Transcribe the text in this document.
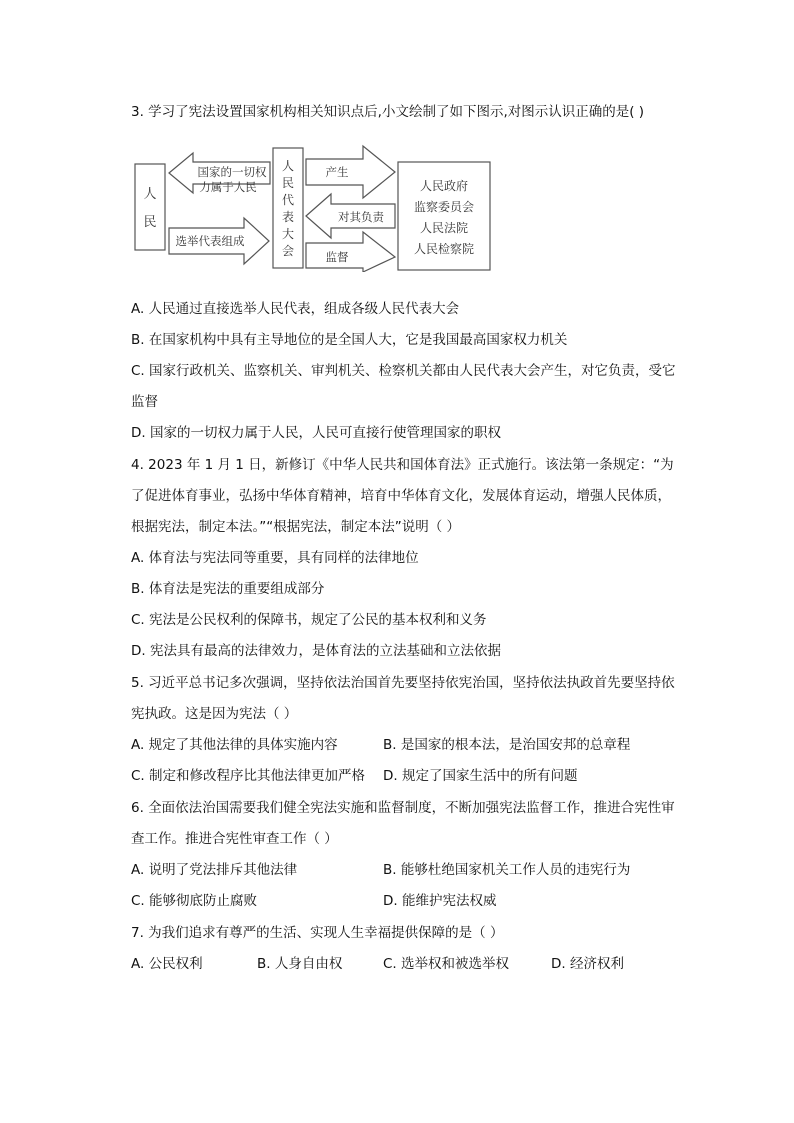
3. 学习了宪法设置国家机构相关知识点后,小文绘制了如下图示,对图示认识正确的是( )
人
民
国家的一切权
力属于人民
选举代表组成
人
民
代
表
大
会
产生
对其负责
监督
人民政府
监察委员会
人民法院
人民检察院
A. 人民通过直接选举人民代表，组成各级人民代表大会
B. 在国家机构中具有主导地位的是全国人大，它是我国最高国家权力机关
C. 国家行政机关、监察机关、审判机关、检察机关都由人民代表大会产生，对它负责，受它
监督
D. 国家的一切权力属于人民，人民可直接行使管理国家的职权
4. 2023 年 1 月 1 日，新修订《中华人民共和国体育法》正式施行。该法第一条规定：“为
了促进体育事业，弘扬中华体育精神，培育中华体育文化，发展体育运动，增强人民体质，
根据宪法，制定本法。”“根据宪法，制定本法”说明（ ）
A. 体育法与宪法同等重要，具有同样的法律地位
B. 体育法是宪法的重要组成部分
C. 宪法是公民权利的保障书，规定了公民的基本权利和义务
D. 宪法具有最高的法律效力，是体育法的立法基础和立法依据
5. 习近平总书记多次强调，坚持依法治国首先要坚持依宪治国，坚持依法执政首先要坚持依
宪执政。这是因为宪法（ ）
A. 规定了其他法律的具体实施内容	B. 是国家的根本法，是治国安邦的总章程
C. 制定和修改程序比其他法律更加严格 D. 规定了国家生活中的所有问题
6. 全面依法治国需要我们健全宪法实施和监督制度，不断加强宪法监督工作，推进合宪性审
查工作。推进合宪性审查工作（ ）
A. 说明了党法排斥其他法律	B. 能够杜绝国家机关工作人员的违宪行为
C. 能够彻底防止腐败	D. 能维护宪法权威
7. 为我们追求有尊严的生活、实现人生幸福提供保障的是（ ）
A. 公民权利	B. 人身自由权	C. 选举权和被选举权	D. 经济权利
